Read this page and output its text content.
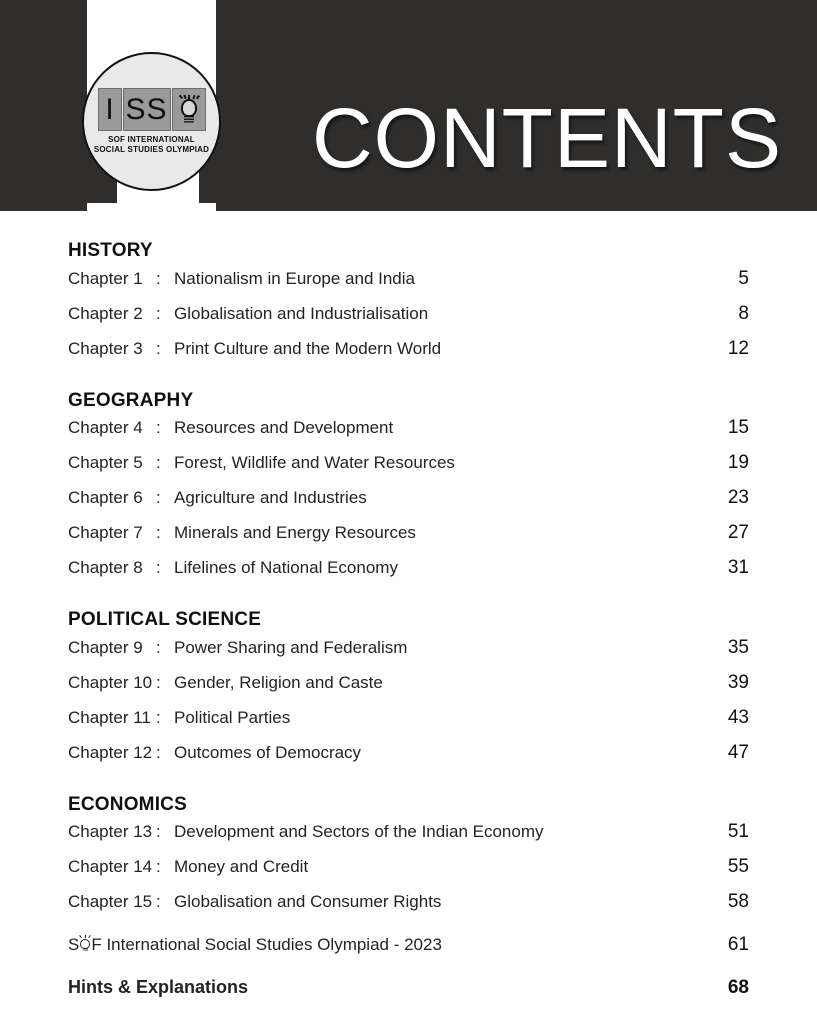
I SS
SOF INTERNATIONAL
SOCIAL STUDIES OLYMPIAD CONTENTS
HISTORY
Chapter 1 : Nationalism in Europe and India	5
Chapter 2 : Globalisation and Industrialisation	8
Chapter 3 : Print Culture and the Modern World	12
GEOGRAPHY
Chapter 4 : Resources and Development	15
Chapter 5 : Forest, Wildlife and Water Resources	19
Chapter 6 : Agriculture and Industries	23
Chapter 7 : Minerals and Energy Resources	27
Chapter 8 : Lifelines of National Economy	31
POLITICAL SCIENCE
Chapter 9 : Power Sharing and Federalism	35
Chapter 10 : Gender, Religion and Caste	39
Chapter 11 : Political Parties	43
Chapter 12 : Outcomes of Democracy	47
ECONOMICS
Chapter 13 : Development and Sectors of the Indian Economy	51
Chapter 14 : Money and Credit	55
Chapter 15 : Globalisation and Consumer Rights	58
S F International Social Studies Olympiad - 2023	61
Hints & Explanations	68
